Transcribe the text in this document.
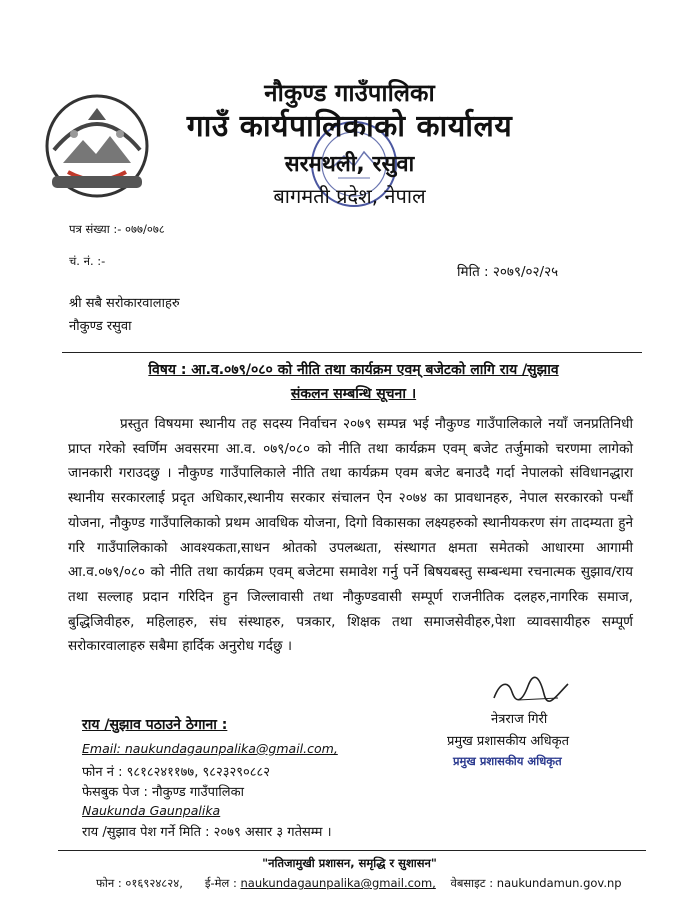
नौकुण्ड गाउँपालिका
गाउँ कार्यपालिकाको कार्यालय
सरमथली, रसुवा
बागमती प्रदेश, नेपाल
पत्र संख्या :- ०७७/०७८
चं. नं. :-
मिति : २०७९/०२/२५
श्री सबै सरोकारवालाहरु
नौकुण्ड रसुवा
विषय : आ.व.०७९/०८० को नीति तथा कार्यक्रम एवम् बजेटको लागि राय /सुझाव
संकलन सम्बन्धि सूचना ।
प्रस्तुत विषयमा स्थानीय तह सदस्य निर्वाचन २०७९ सम्पन्न भई नौकुण्ड गाउँपालिकाले नयाँ जनप्रतिनिधी प्राप्त गरेको स्वर्णिम अवसरमा आ.व. ०७९/०८० को नीति तथा कार्यक्रम एवम् बजेट तर्जुमाको चरणमा लागेको जानकारी गराउदछु । नौकुण्ड गाउँपालिकाले नीति तथा कार्यक्रम एवम बजेट बनाउदै गर्दा नेपालको संविधानद्धारा स्थानीय सरकारलाई प्रदृत अधिकार,स्थानीय सरकार संचालन ऐन २०७४ का प्रावधानहरु, नेपाल सरकारको पन्धौं योजना, नौकुण्ड गाउँपालिकाको प्रथम आवधिक योजना, दिगो विकासका लक्ष्यहरुको स्थानीयकरण संग तादम्यता हुने गरि गाउँपालिकाको आवश्यकता,साधन श्रोतको उपलब्धता, संस्थागत क्षमता समेतको आधारमा आगामी आ.व.०७९/०८० को नीति तथा कार्यक्रम एवम् बजेटमा समावेश गर्नु पर्ने बिषयबस्तु सम्बन्धमा रचनात्मक सुझाव/राय तथा सल्लाह प्रदान गरिदिन हुन जिल्लावासी तथा नौकुण्डवासी सम्पूर्ण राजनीतिक दलहरु,नागरिक समाज, बुद्धिजिवीहरु, महिलाहरु, संघ संस्थाहरु, पत्रकार, शिक्षक तथा समाजसेवीहरु,पेशा व्यावसायीहरु सम्पूर्ण सरोकारवालाहरु सबैमा हार्दिक अनुरोध गर्दछु ।
नेत्रराज गिरी
प्रमुख प्रशासकीय अधिकृत
प्रमुख प्रशासकीय अधिकृत
राय /सुझाव पठाउने ठेगाना :
Email: naukundagaunpalika@gmail.com,
फोन नं : ९८१८२४११७७, ९८२३२९०८८२
फेसबुक पेज : नौकुण्ड गाउँपालिका
Naukunda Gaunpalika
राय /सुझाव पेश गर्ने मिति : २०७९ असार ३ गतेसम्म ।
"नतिजामुखी प्रशासन, समृद्धि र सुशासन"
फोन : ०१६९२४८२४, ई-मेल : naukundagaunpalika@gmail.com, वेबसाइट : naukundamun.gov.np
